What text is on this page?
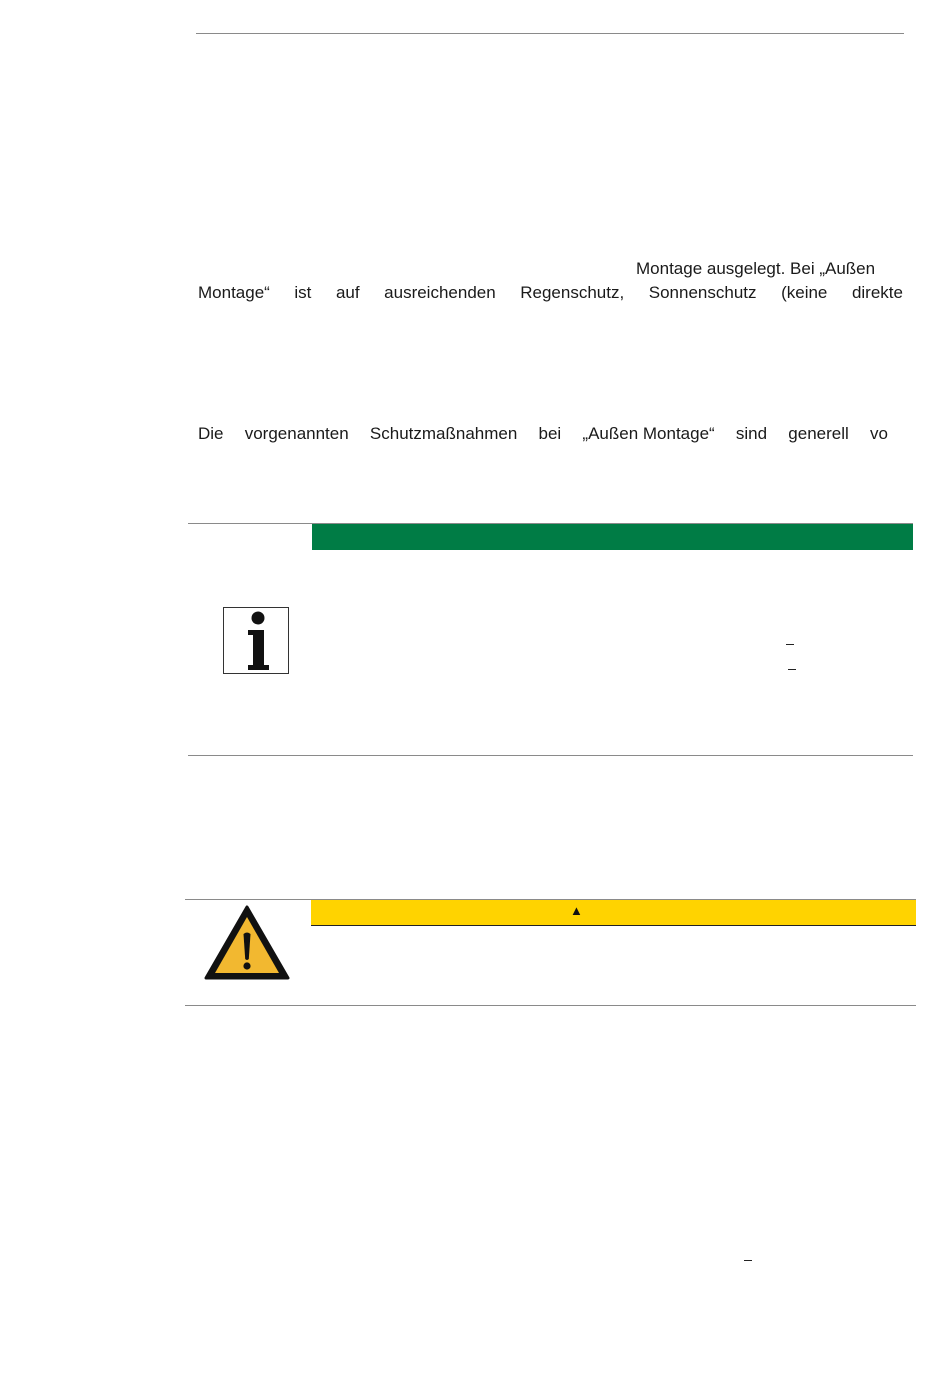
Montage ausgelegt. Bei „Außen
Montage“ ist auf ausreichenden Regenschutz, Sonnenschutz (keine direkte
Die vorgenannten Schutzmaßnahmen bei „Außen Montage“ sind generell vo
▲
